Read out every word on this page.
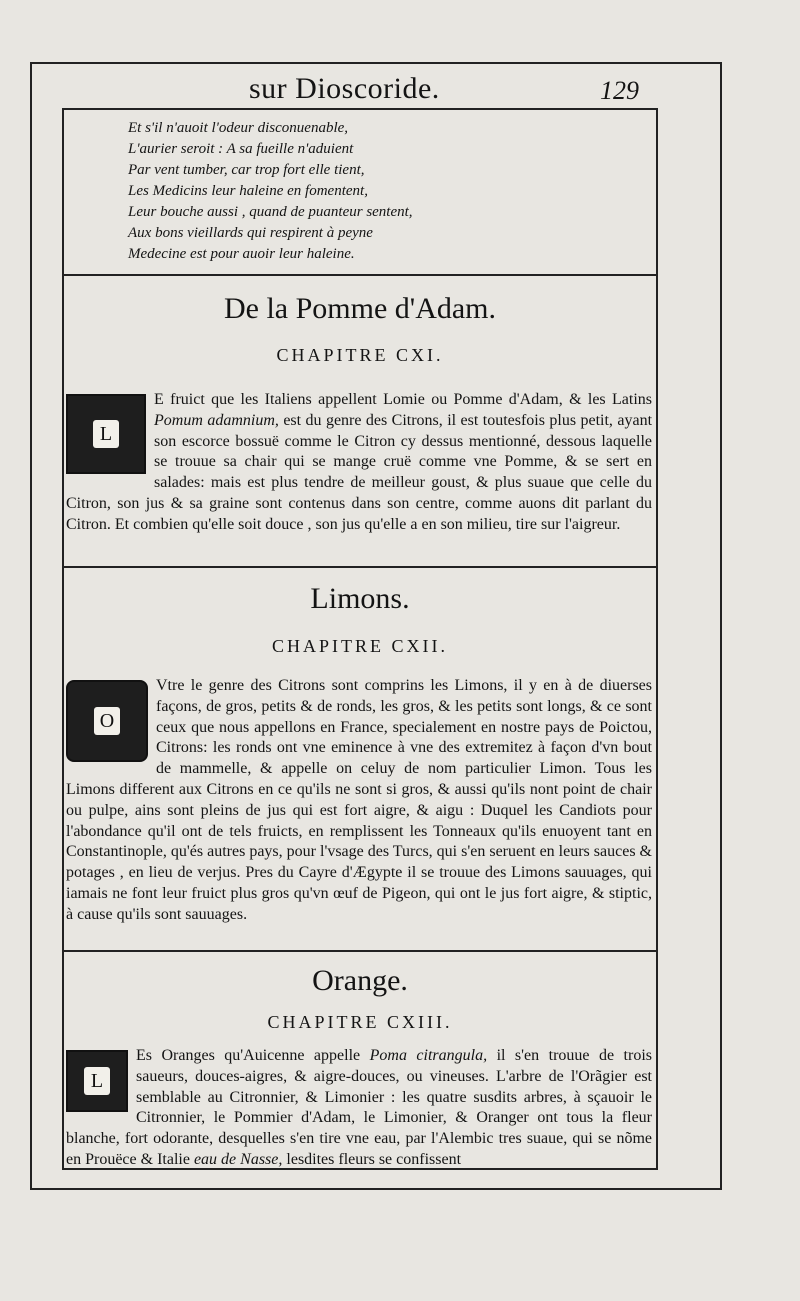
sur Dioscoride.	129
Et s'il n'auoit l'odeur disconuenable,
L'aurier seroit : A sa fueille n'aduient
Par vent tumber, car trop fort elle tient,
Les Medicins leur haleine en fomentent,
Leur bouche aussi , quand de puanteur sentent,
Aux bons vieillards qui respirent à peyne
Medecine est pour auoir leur haleine.
De la Pomme d'Adam.
CHAPITRE CXI.
L
E fruict que les Italiens appellent Lomie ou Pomme d'Adam, & les Latins Pomum adamnium, est du genre des Citrons, il est toutesfois plus petit, ayant son escorce bossuë comme le Citron cy dessus mentionné, dessous laquelle se trouue sa chair qui se mange cruë comme vne Pomme, & se sert en salades: mais est plus tendre de meilleur goust, & plus suaue que celle du Citron, son jus & sa graine sont contenus dans son centre, comme auons dit parlant du Citron. Et combien qu'elle soit douce , son jus qu'elle a en son milieu, tire sur l'aigreur.
Limons.
CHAPITRE CXII.
O
Vtre le genre des Citrons sont comprins les Limons, il y en à de diuerses façons, de gros, petits & de ronds, les gros, & les petits sont longs, & ce sont ceux que nous appellons en France, specialement en nostre pays de Poictou, Citrons: les ronds ont vne eminence à vne des extremitez à façon d'vn bout de mammelle, & appelle on celuy de nom particulier Limon. Tous les Limons different aux Citrons en ce qu'ils ne sont si gros, & aussi qu'ils nont point de chair ou pulpe, ains sont pleins de jus qui est fort aigre, & aigu : Duquel les Candiots pour l'abondance qu'il ont de tels fruicts, en remplissent les Tonneaux qu'ils enuoyent tant en Constantinople, qu'és autres pays, pour l'vsage des Turcs, qui s'en seruent en leurs sauces & potages , en lieu de verjus. Pres du Cayre d'Ægypte il se trouue des Limons sauuages, qui iamais ne font leur fruict plus gros qu'vn œuf de Pigeon, qui ont le jus fort aigre, & stiptic, à cause qu'ils sont sauuages.
Orange.
CHAPITRE CXIII.
L
Es Oranges qu'Auicenne appelle Poma citrangula, il s'en trouue de trois saueurs, douces-aigres, & aigre-douces, ou vineuses. L'arbre de l'Orãgier est semblable au Citronnier, & Limonier : les quatre susdits arbres, à sçauoir le Citronnier, le Pommier d'Adam, le Limonier, & Oranger ont tous la fleur blanche, fort odorante, desquelles s'en tire vne eau, par l'Alembic tres suaue, qui se nõme en Prouëce & Italie eau de Nasse, lesdites fleurs se confissent
